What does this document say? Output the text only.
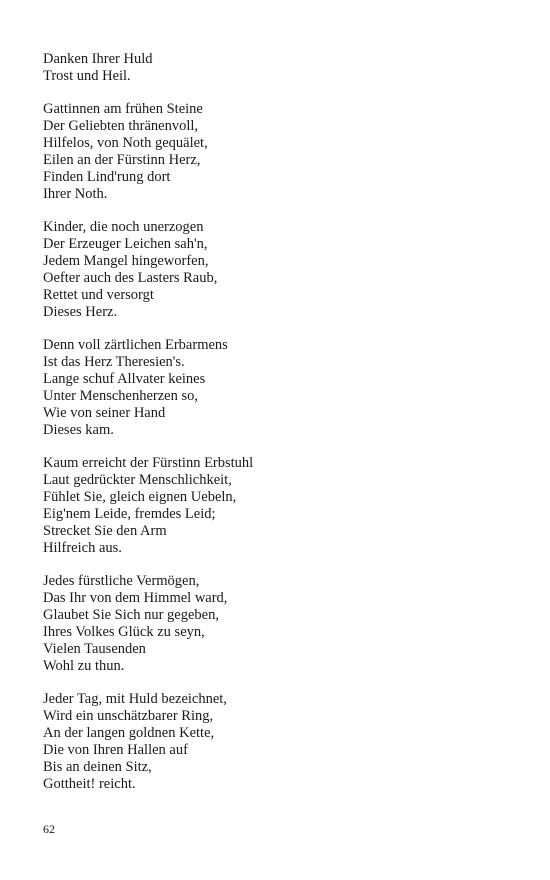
Danken Ihrer Huld
Trost und Heil.
Gattinnen am frühen Steine
Der Geliebten thränenvoll,
Hilfelos, von Noth gequälet,
Eilen an der Fürstinn Herz,
Finden Lind'rung dort
Ihrer Noth.
Kinder, die noch unerzogen
Der Erzeuger Leichen sah'n,
Jedem Mangel hingeworfen,
Oefter auch des Lasters Raub,
Rettet und versorgt
Dieses Herz.
Denn voll zärtlichen Erbarmens
Ist das Herz Theresien's.
Lange schuf Allvater keines
Unter Menschenherzen so,
Wie von seiner Hand
Dieses kam.
Kaum erreicht der Fürstinn Erbstuhl
Laut gedrückter Menschlichkeit,
Fühlet Sie, gleich eignen Uebeln,
Eig'nem Leide, fremdes Leid;
Strecket Sie den Arm
Hilfreich aus.
Jedes fürstliche Vermögen,
Das Ihr von dem Himmel ward,
Glaubet Sie Sich nur gegeben,
Ihres Volkes Glück zu seyn,
Vielen Tausenden
Wohl zu thun.
Jeder Tag, mit Huld bezeichnet,
Wird ein unschätzbarer Ring,
An der langen goldnen Kette,
Die von Ihren Hallen auf
Bis an deinen Sitz,
Gottheit! reicht.
62
